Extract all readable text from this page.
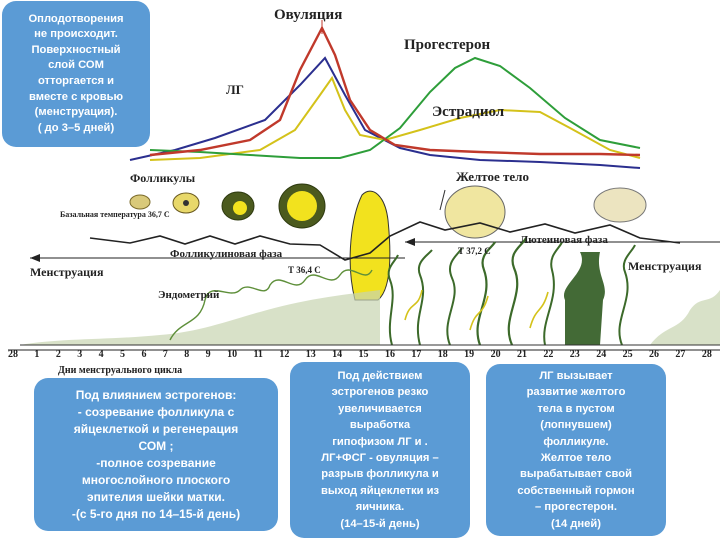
Овуляция
ЛГ
Прогестерон
Эстрадиол
Фолликулы	Желтое тело
Базальная температура 36,7 С
Фолликулиновая фаза
Лютеиновая фаза
Т 36,4 С
Т 37,2 С
Менструация	Менструация
Эндометрий
28 1 2 3 4 5 6 7 8 9 10 11 12 13 14 15 16 17 18 19 20 21 22 23 24 25 26 27 28
Дни менструального цикла
Оплодотворения
не происходит.
Поверхностный
слой СОМ
отторгается и
вместе с кровью
(менструация).
( до 3–5 дней)
Под влиянием эстрогенов:
- созревание фолликула с
яйцеклеткой и регенерация
СОМ ;
-полное созревание
многослойного плоского
эпителия шейки матки.
-(с 5-го дня по 14–15-й день)
Под действием
эстрогенов резко
увеличивается
выработка
гипофизом ЛГ и .
ЛГ+ФСГ - овуляция –
разрыв фолликула и
выход яйцеклетки из
яичника.
(14–15-й день)
ЛГ вызывает
развитие желтого
тела в пустом
(лопнувшем)
фолликуле.
Желтое тело
вырабатывает свой
собственный гормон
– прогестерон.
(14 дней)
